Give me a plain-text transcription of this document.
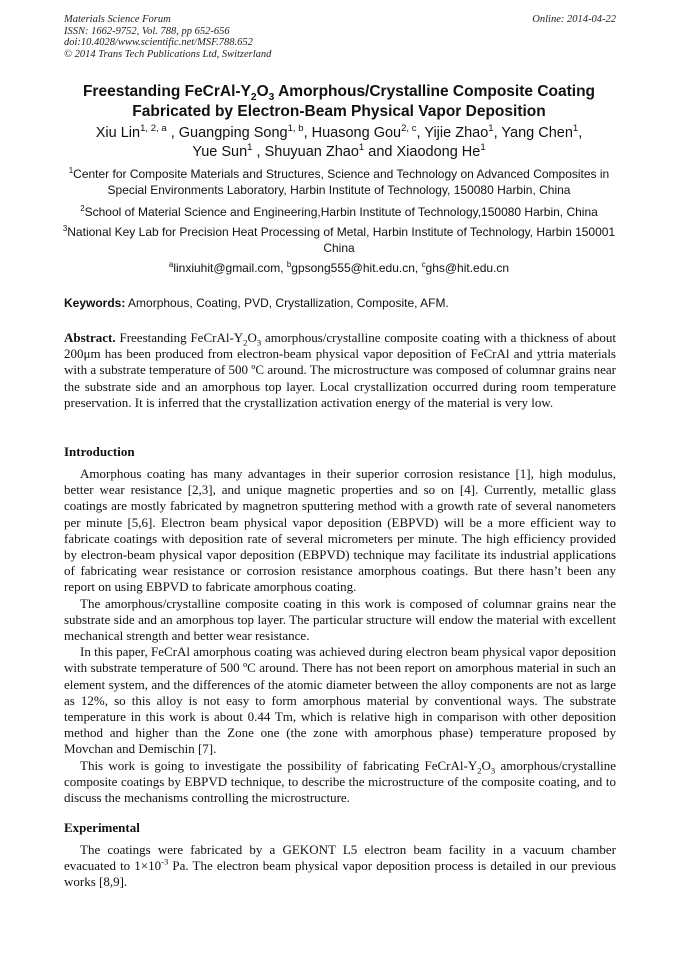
Materials Science Forum
ISSN: 1662-9752, Vol. 788, pp 652-656
doi:10.4028/www.scientific.net/MSF.788.652
© 2014 Trans Tech Publications Ltd, Switzerland
Online: 2014-04-22
Freestanding FeCrAl-$Y_2O_3$ Amorphous/Crystalline Composite Coating
Fabricated by Electron-Beam Physical Vapor Deposition
Xiu Lin$^{1, 2, a}$ , Guangping Song$^{1, b}$, Huasong Gou$^{2, c}$, Yijie Zhao$^1$, Yang Chen$^1$,
Yue Sun$^1$ , Shuyuan Zhao$^1$ and Xiaodong He$^1$
$^1$Center for Composite Materials and Structures, Science and Technology on Advanced Composites in Special Environments Laboratory, Harbin Institute of Technology, 150080 Harbin, China
$^2$School of Material Science and Engineering,Harbin Institute of Technology,150080 Harbin, China
$^3$National Key Lab for Precision Heat Processing of Metal, Harbin Institute of Technology, Harbin 150001 China
$^a$linxiuhit@gmail.com, $^b$gpsong555@hit.edu.cn, $^c$ghs@hit.edu.cn
Keywords: Amorphous, Coating, PVD, Crystallization, Composite, AFM.
Abstract. Freestanding FeCrAl-$Y_2O_3$ amorphous/crystalline composite coating with a thickness of about 200μm has been produced from electron-beam physical vapor deposition of FeCrAl and yttria materials with a substrate temperature of 500 ºC around. The microstructure was composed of columnar grains near the substrate side and an amorphous top layer. Local crystallization occurred during room temperature preservation. It is inferred that the crystallization activation energy of the material is very low.
Introduction

Amorphous coating has many advantages in their superior corrosion resistance [1], high modulus, better wear resistance [2,3], and unique magnetic properties and so on [4]. Currently, metallic glass coatings are mostly fabricated by magnetron sputtering method with a growth rate of several nanometers per minute [5,6]. Electron beam physical vapor deposition (EBPVD) will be a more efficient way to fabricate coatings with deposition rate of several micrometers per minute. The high efficiency provided by electron-beam physical vapor deposition (EBPVD) technique may facilitate its industrial applications of fabricating wear resistance or corrosion resistance amorphous coatings. But there hasn’t been any report on using EBPVD to fabricate amorphous coating.

The amorphous/crystalline composite coating in this work is composed of columnar grains near the substrate side and an amorphous top layer. The particular structure will endow the material with excellent mechanical strength and better wear resistance.

In this paper, FeCrAl amorphous coating was achieved during electron beam physical vapor deposition with substrate temperature of 500 ºC around. There has not been report on amorphous material in such an element system, and the differences of the atomic diameter between the alloy components are not as large as 12%, so this alloy is not easy to form amorphous material by conventional ways. The substrate temperature in this work is about 0.44 Tm, which is relative high in comparison with other deposition method and higher than the Zone one (the zone with amorphous phase) temperature proposed by Movchan and Demischin [7].

This work is going to investigate the possibility of fabricating FeCrAl-$Y_2O_3$ amorphous/crystalline composite coatings by EBPVD technique, to describe the microstructure of the composite coating, and to discuss the mechanisms controlling the microstructure.

Experimental

The coatings were fabricated by a GEKONT L5 electron beam facility in a vacuum chamber evacuated to $1\times 10^{-3}$ Pa. The electron beam physical vapor deposition process is detailed in our previous works [8,9].
